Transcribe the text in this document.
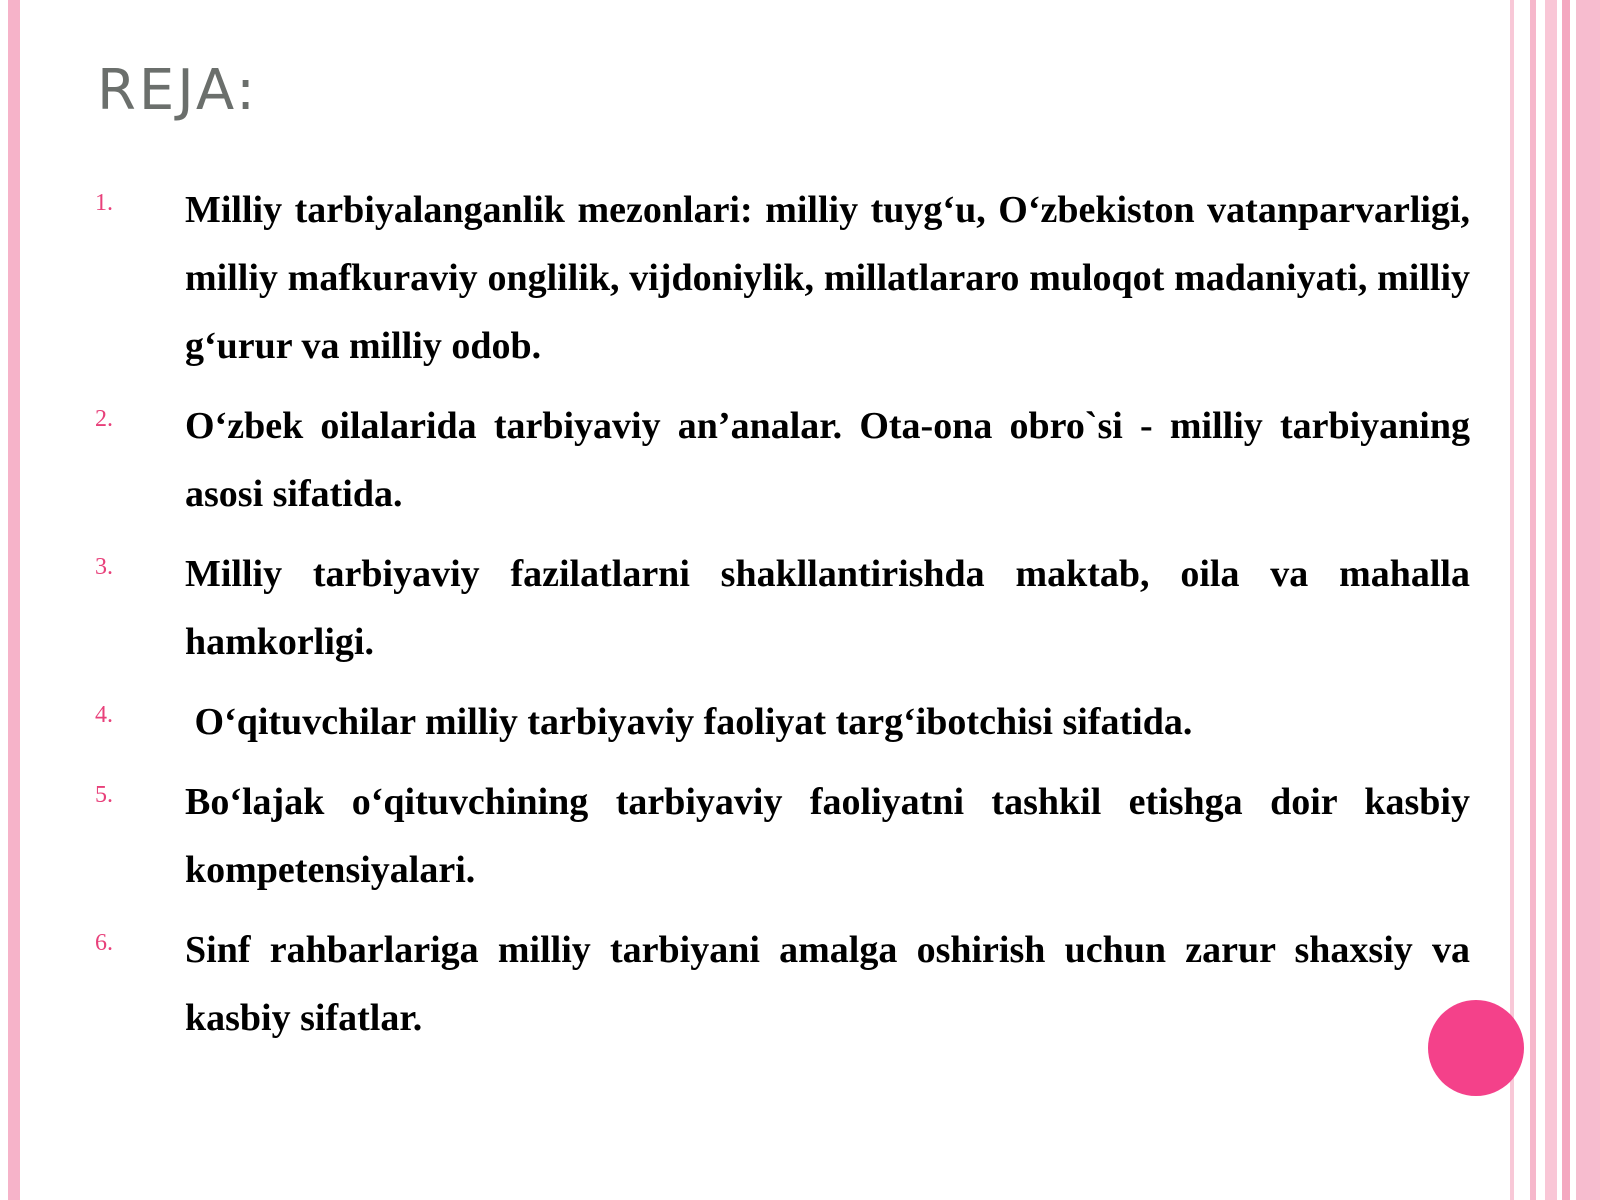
REJA:
1. Milliy tarbiyalanganlik mezonlari: milliy tuyg‘u, O‘zbekiston vatanparvarligi, milliy mafkuraviy onglilik, vijdoniylik, millatlararo muloqot madaniyati, milliy g‘urur va milliy odob.
2. O‘zbek oilalarida tarbiyaviy an’analar. Ota-ona obro`si - milliy tarbiyaning asosi sifatida.
3. Milliy tarbiyaviy fazilatlarni shakllantirishda maktab, oila va mahalla hamkorligi.
4. O‘qituvchilar milliy tarbiyaviy faoliyat targ‘ibotchisi sifatida.
5. Bo‘lajak o‘qituvchining tarbiyaviy faoliyatni tashkil etishga doir kasbiy kompetensiyalari.
6. Sinf rahbarlariga milliy tarbiyani amalga oshirish uchun zarur shaxsiy va kasbiy sifatlar.
